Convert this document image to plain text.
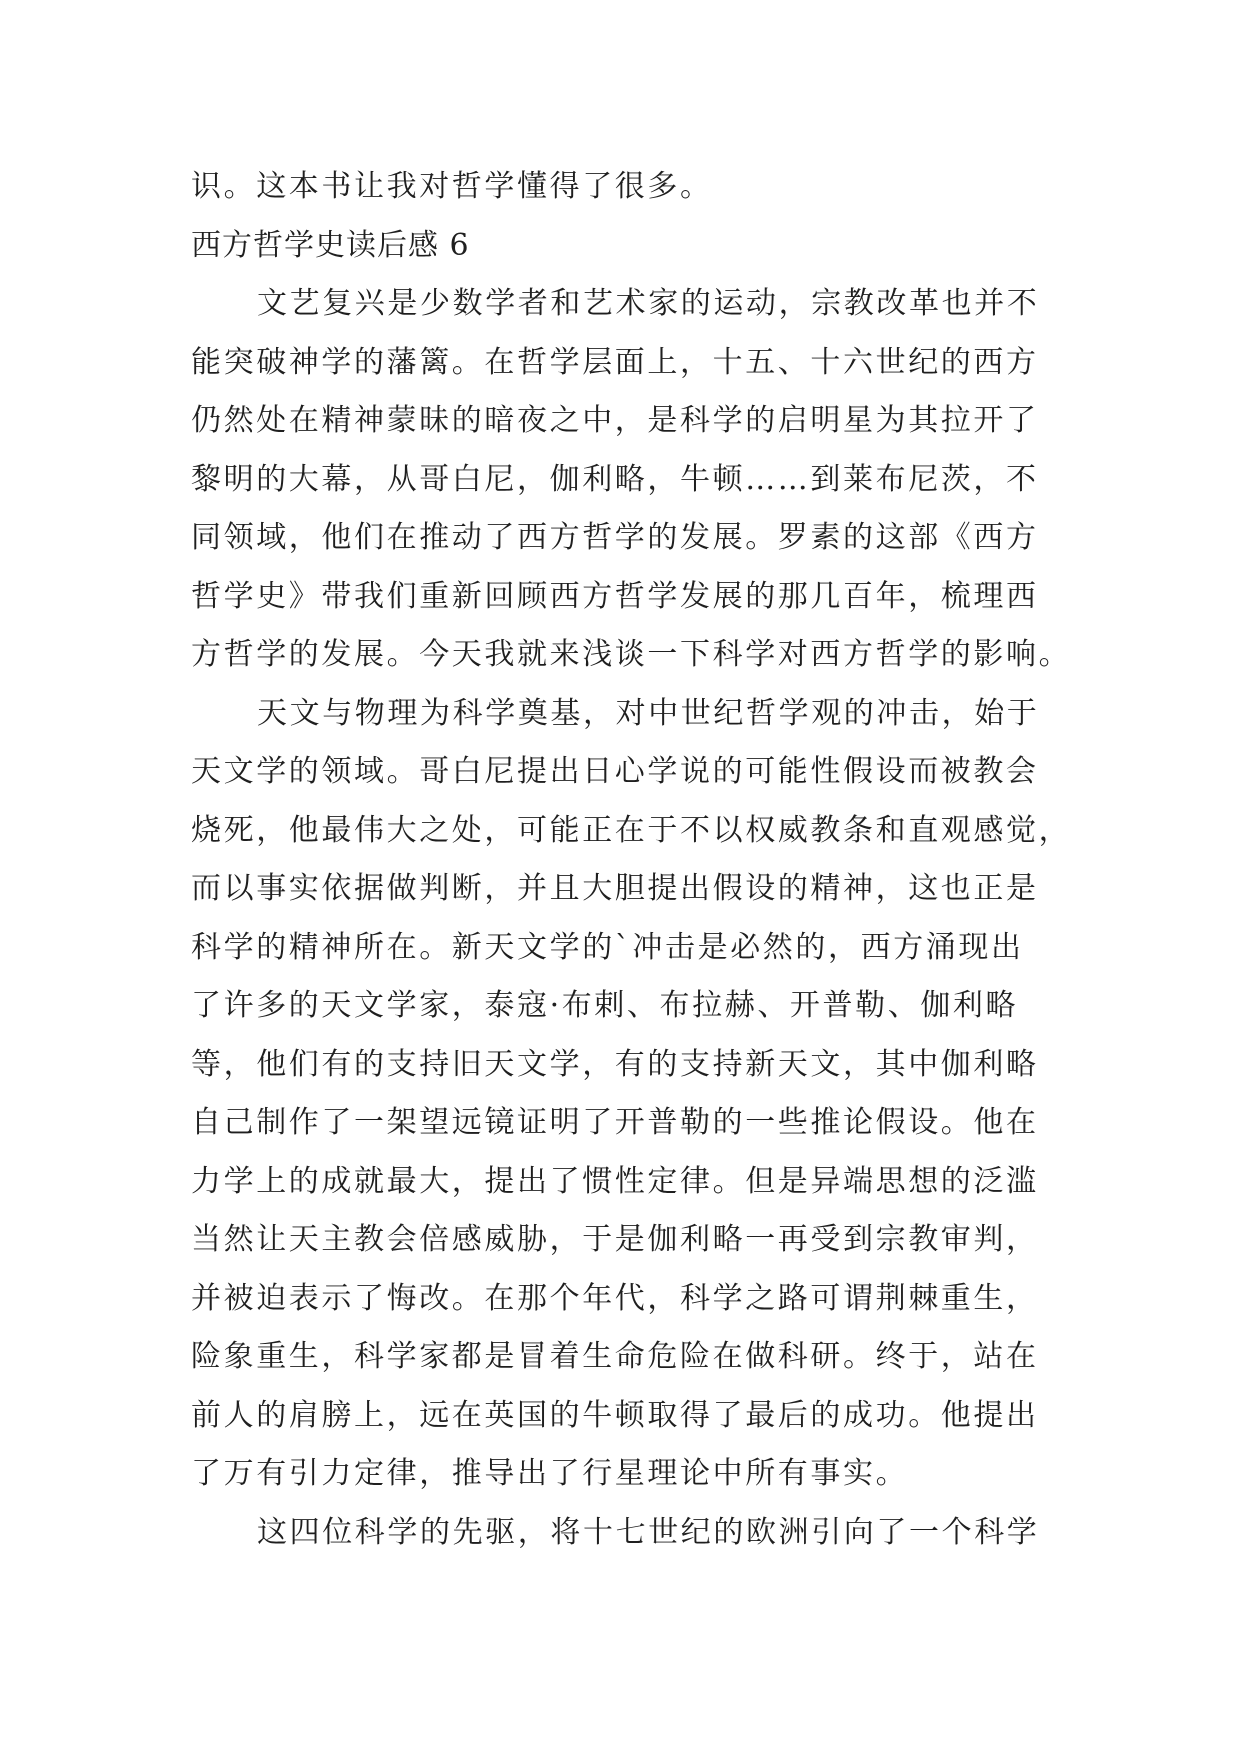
识。这本书让我对哲学懂得了很多。
西方哲学史读后感 6
文艺复兴是少数学者和艺术家的运动，宗教改革也并不
能突破神学的藩篱。在哲学层面上，十五、十六世纪的西方
仍然处在精神蒙昧的暗夜之中，是科学的启明星为其拉开了
黎明的大幕，从哥白尼，伽利略，牛顿……到莱布尼茨，不
同领域，他们在推动了西方哲学的发展。罗素的这部《西方
哲学史》带我们重新回顾西方哲学发展的那几百年，梳理西
方哲学的发展。今天我就来浅谈一下科学对西方哲学的影响。
天文与物理为科学奠基，对中世纪哲学观的冲击，始于
天文学的领域。哥白尼提出日心学说的可能性假设而被教会
烧死，他最伟大之处，可能正在于不以权威教条和直观感觉，
而以事实依据做判断，并且大胆提出假设的精神，这也正是
科学的精神所在。新天文学的`冲击是必然的，西方涌现出
了许多的天文学家，泰寇·布剌、布拉赫、开普勒、伽利略
等，他们有的支持旧天文学，有的支持新天文，其中伽利略
自己制作了一架望远镜证明了开普勒的一些推论假设。他在
力学上的成就最大，提出了惯性定律。但是异端思想的泛滥
当然让天主教会倍感威胁，于是伽利略一再受到宗教审判，
并被迫表示了悔改。在那个年代，科学之路可谓荆棘重生，
险象重生，科学家都是冒着生命危险在做科研。终于，站在
前人的肩膀上，远在英国的牛顿取得了最后的成功。他提出
了万有引力定律，推导出了行星理论中所有事实。
这四位科学的先驱，将十七世纪的欧洲引向了一个科学
